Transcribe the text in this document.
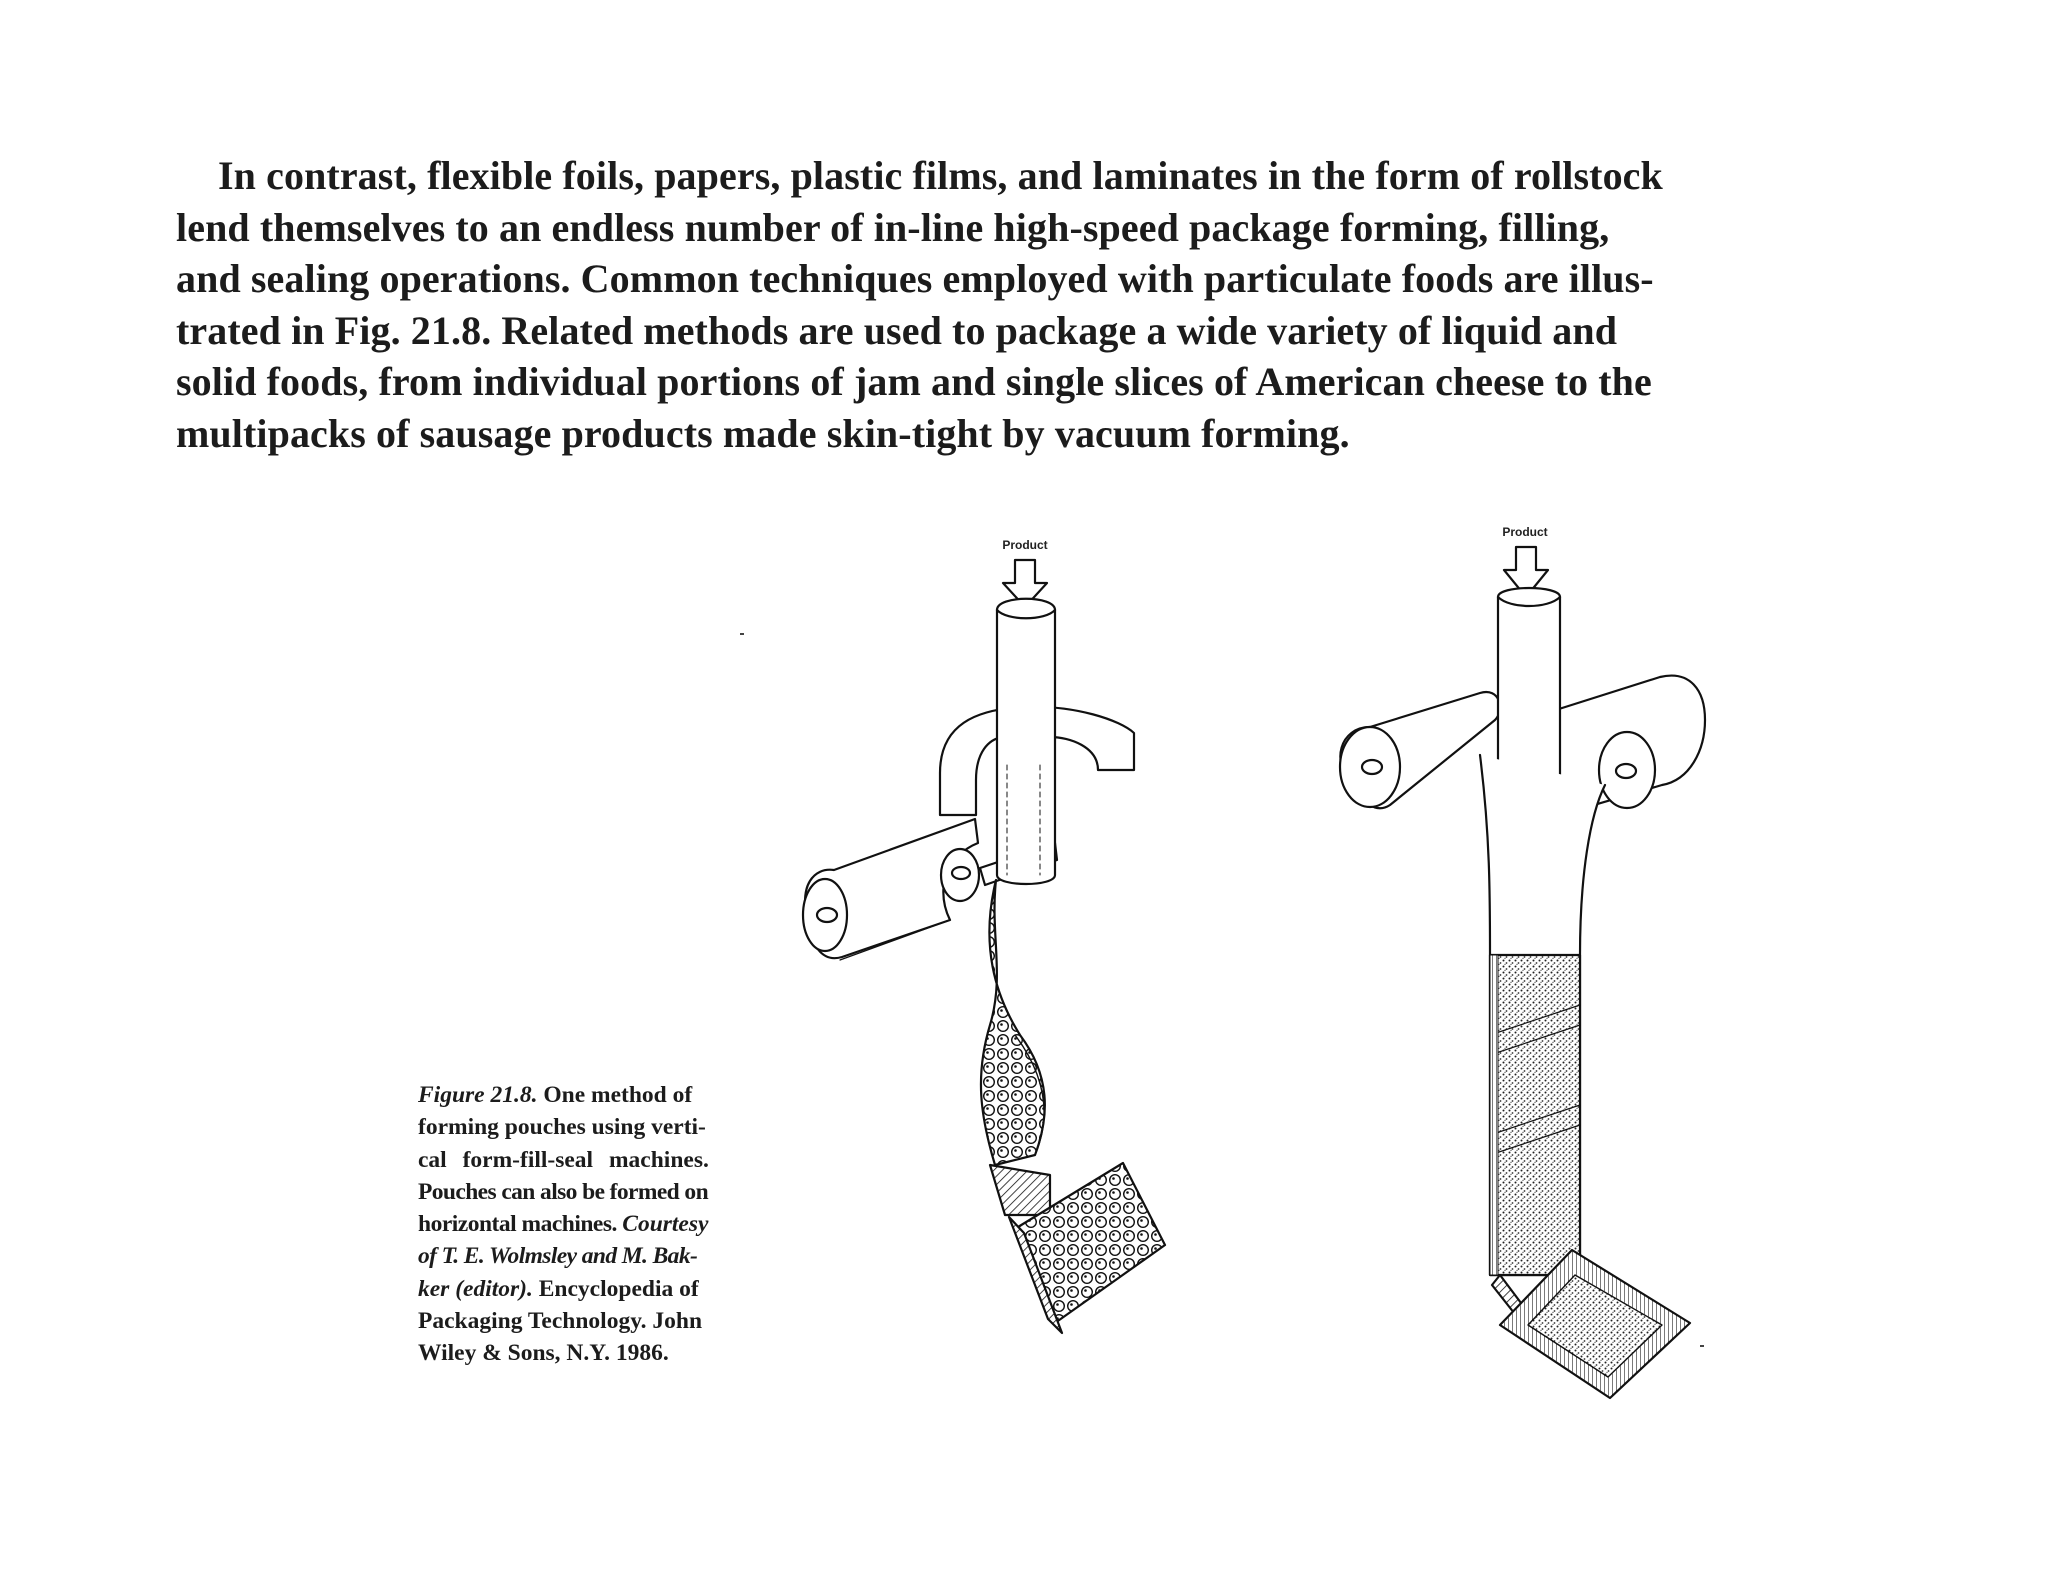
In contrast, flexible foils, papers, plastic films, and laminates in the form of rollstock
lend themselves to an endless number of in-line high-speed package forming, filling,
and sealing operations. Common techniques employed with particulate foods are illus-
trated in Fig. 21.8. Related methods are used to package a wide variety of liquid and
solid foods, from individual portions of jam and single slices of American cheese to the
multipacks of sausage products made skin-tight by vacuum forming.

Figure 21.8. One method of
forming pouches using verti-
cal form-fill-seal machines.
Pouches can also be formed on
horizontal machines. Courtesy
of T. E. Wolmsley and M. Bak-
ker (editor). Encyclopedia of
Packaging Technology. John
Wiley & Sons, N.Y. 1986.
Product
Product
